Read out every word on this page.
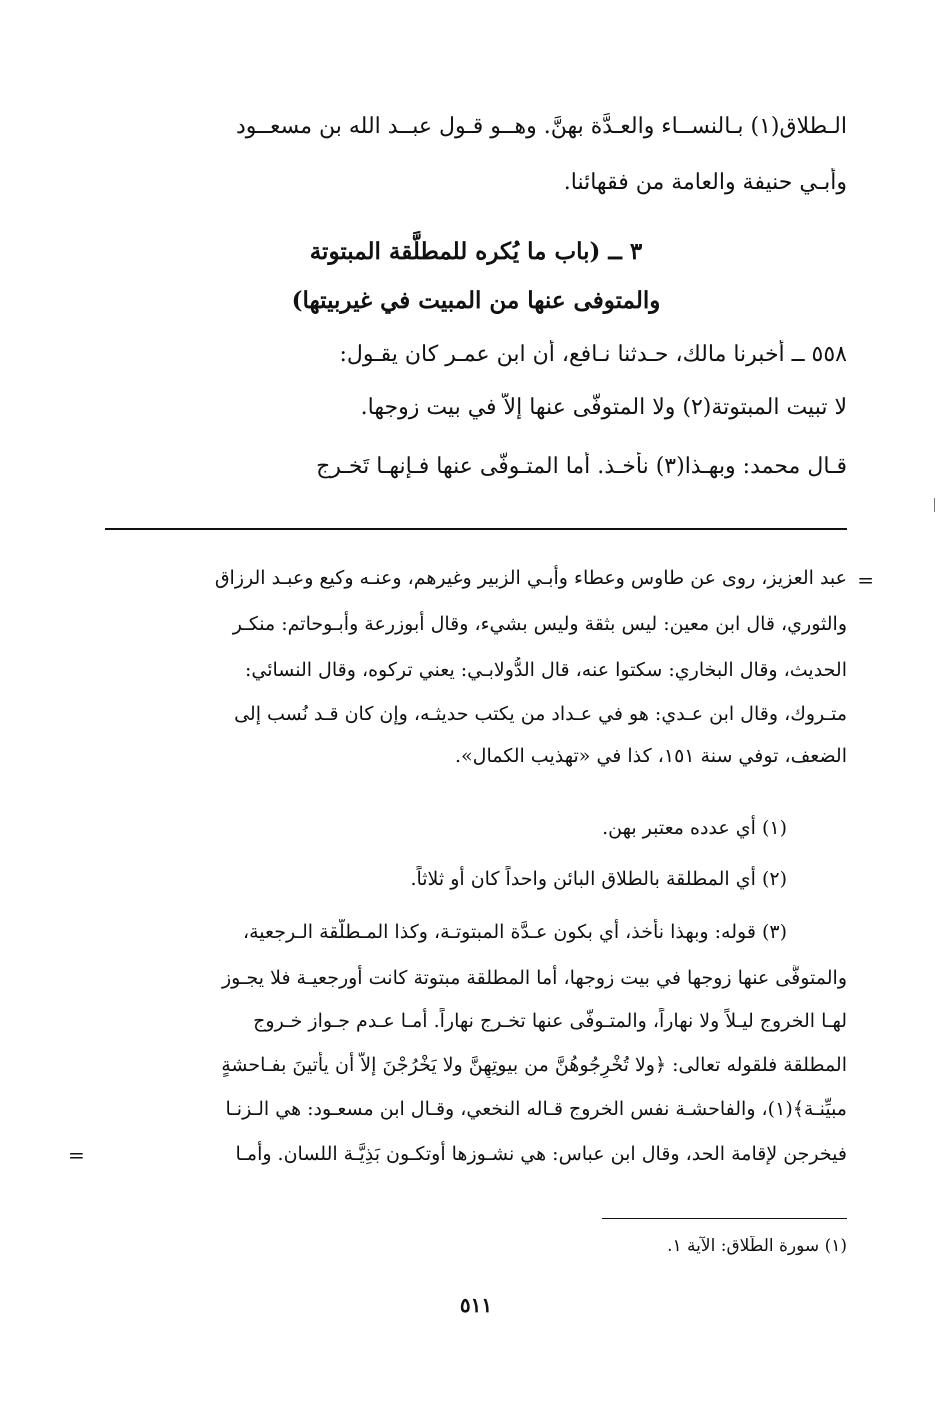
الـطلاق(١) بـالنســاء والعـدَّة بهنَّ. وهــو قـول عبــد الله بن مسعــود
وأبـي حنيفة والعامة من فقهائنا.
٣ ــ (باب ما يُكره للمطلَّقة المبتوتة
والمتوفى عنها من المبيت في غيربيتها)
٥٥٨ ــ أخبرنا مالك، حـدثنا نـافع، أن ابن عمـر كان يقـول:
لا تبيت المبتوتة(٢) ولا المتوفَّى عنها إلاَّ في بيت زوجها.
قـال محمد: وبهـذا(٣) نأخـذ. أما المتـوفَّى عنها فـإنهـا تَخـرج
=
عبد العزيز، روى عن طاوس وعطاء وأبـي الزبير وغيرهم، وعنـه وكيع وعبـد الرزاق
والثوري، قال ابن معين: ليس بثقة وليس بشيء، وقال أبوزرعة وأبـوحاتم: منكـر
الحديث، وقال البخاري: سكتوا عنه، قال الدُّولابـي: يعني تركوه، وقال النسائي:
متـروك، وقال ابن عـدي: هو في عـداد من يكتب حديثـه، وإن كان قـد نُسب إلى
الضعف، توفي سنة ١٥١، كذا في «تهذيب الكمال».
(١) أي عدده معتبر بهن.
(٢) أي المطلقة بالطلاق البائن واحداً كان أو ثلاثاً.
(٣) قوله: وبهذا نأخذ، أي بكون عـدَّة المبتوتـة، وكذا المـطلَّقة الـرجعية،
والمتوفَّى عنها زوجها في بيت زوجها، أما المطلقة مبتوتة كانت أورجعيـة فلا يجـوز
لهـا الخروج ليـلاً ولا نهاراً، والمتـوفّى عنها تخـرج نهاراً. أمـا عـدم جـواز خـروج
المطلقة فلقوله تعالى: ﴿ولا تُخْرِجُوهُنَّ من بيوتِهِنَّ ولا يَخْرُجْنَ إلاَّ أن يأتينَ بفـاحشةٍ
مبيِّنـة﴾(١)، والفاحشـة نفس الخروج قـاله النخعي، وقـال ابن مسعـود: هي الـزنـا
فيخرجن لإقامة الحد، وقال ابن عباس: هي نشـوزها أوتكـون بَذِيَّـة اللسان. وأمـا
=
(١) سورة الطَّلاق: الآية ١.
٥١١
